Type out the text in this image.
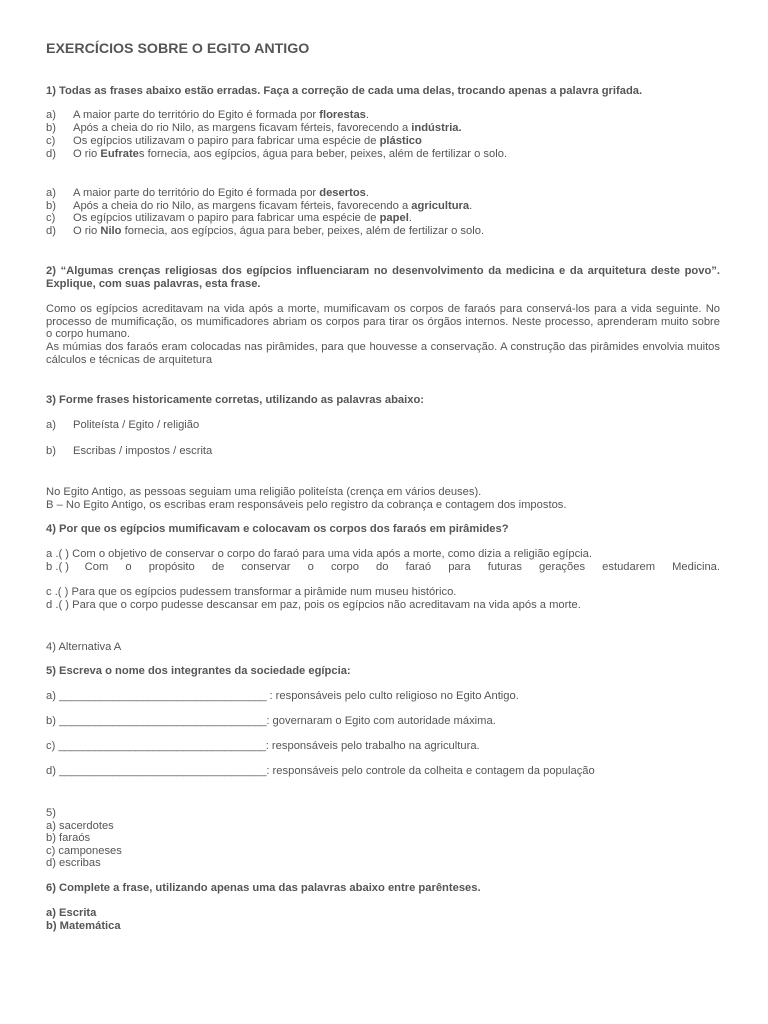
EXERCÍCIOS SOBRE O EGITO ANTIGO
1) Todas as frases abaixo estão erradas. Faça a correção de cada uma delas, trocando apenas a palavra grifada.
a) A maior parte do território do Egito é formada por florestas.
b) Após a cheia do rio Nilo, as margens ficavam férteis, favorecendo a indústria.
c) Os egípcios utilizavam o papiro para fabricar uma espécie de plástico
d) O rio Eufrates fornecia, aos egípcios, água para beber, peixes, além de fertilizar o solo.
a) A maior parte do território do Egito é formada por desertos.
b) Após a cheia do rio Nilo, as margens ficavam férteis, favorecendo a agricultura.
c) Os egípcios utilizavam o papiro para fabricar uma espécie de papel.
d) O rio Nilo fornecia, aos egípcios, água para beber, peixes, além de fertilizar o solo.
2) “Algumas crenças religiosas dos egípcios influenciaram no desenvolvimento da medicina e da arquitetura deste povo”. Explique, com suas palavras, esta frase.
Como os egípcios acreditavam na vida após a morte, mumificavam os corpos de faraós para conservá-los para a vida seguinte. No processo de mumificação, os mumificadores abriam os corpos para tirar os órgãos internos. Neste processo, aprenderam muito sobre o corpo humano.
As múmias dos faraós eram colocadas nas pirâmides, para que houvesse a conservação. A construção das pirâmides envolvia muitos cálculos e técnicas de arquitetura
3) Forme frases historicamente corretas, utilizando as palavras abaixo:
a) Politeísta / Egito / religião
b) Escribas / impostos / escrita
No Egito Antigo, as pessoas seguiam uma religião politeísta (crença em vários deuses).
B – No Egito Antigo, os escribas eram responsáveis pelo registro da cobrança e contagem dos impostos.
4) Por que os egípcios mumificavam e colocavam os corpos dos faraós em pirâmides?
a .( ) Com o objetivo de conservar o corpo do faraó para uma vida após a morte, como dizia a religião egípcia.
b .( ) Com o propósito de conservar o corpo do faraó para futuras gerações estudarem Medicina.
c .( ) Para que os egípcios pudessem transformar a pirâmide num museu histórico.
d .( ) Para que o corpo pudesse descansar em paz, pois os egípcios não acreditavam na vida após a morte.
4) Alternativa A
5) Escreva o nome dos integrantes da sociedade egípcia:
a) ___________________________________ : responsáveis pelo culto religioso no Egito Antigo.
b) ___________________________________: governaram o Egito com autoridade máxima.
c) ___________________________________: responsáveis pelo trabalho na agricultura.
d) ___________________________________: responsáveis pelo controle da colheita e contagem da população
5)
a) sacerdotes
b) faraós
c) camponeses
d) escribas
6) Complete a frase, utilizando apenas uma das palavras abaixo entre parênteses.
a) Escrita
b) Matemática
